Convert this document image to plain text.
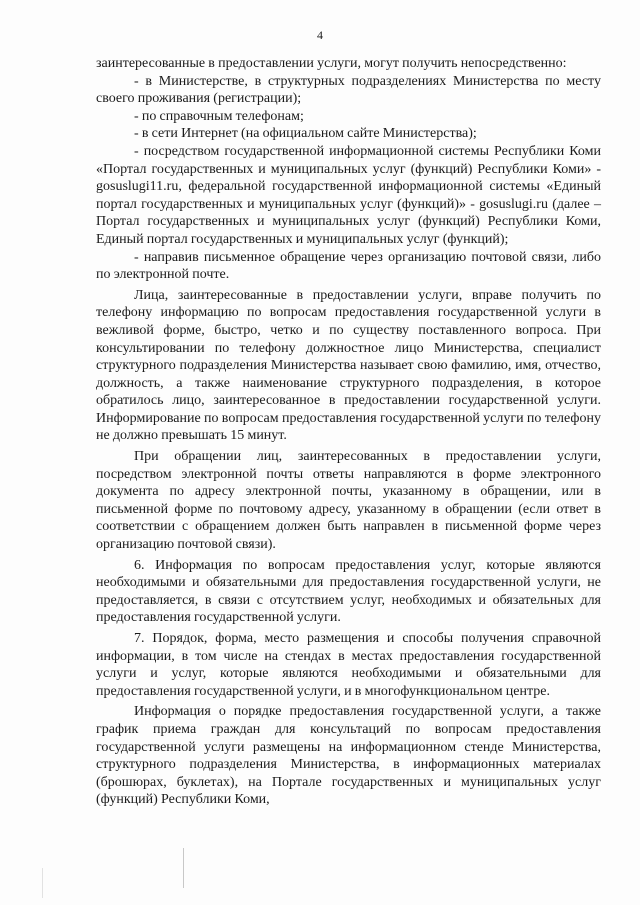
4

заинтересованные в предоставлении услуги, могут получить непосредственно:

- в Министерстве, в структурных подразделениях Министерства по месту своего проживания (регистрации);

- по справочным телефонам;

- в сети Интернет (на официальном сайте Министерства);

- посредством государственной информационной системы Республики Коми «Портал государственных и муниципальных услуг (функций) Республики Коми» - gosuslugi11.ru, федеральной государственной информационной системы «Единый портал государственных и муниципальных услуг (функций)» - gosuslugi.ru (далее – Портал государственных и муниципальных услуг (функций) Республики Коми, Единый портал государственных и муниципальных услуг (функций);

- направив письменное обращение через организацию почтовой связи, либо по электронной почте.

Лица, заинтересованные в предоставлении услуги, вправе получить по телефону информацию по вопросам предоставления государственной услуги в вежливой форме, быстро, четко и по существу поставленного вопроса. При консультировании по телефону должностное лицо Министерства, специалист структурного подразделения Министерства называет свою фамилию, имя, отчество, должность, а также наименование структурного подразделения, в которое обратилось лицо, заинтересованное в предоставлении государственной услуги. Информирование по вопросам предоставления государственной услуги по телефону не должно превышать 15 минут.

При обращении лиц, заинтересованных в предоставлении услуги, посредством электронной почты ответы направляются в форме электронного документа по адресу электронной почты, указанному в обращении, или в письменной форме по почтовому адресу, указанному в обращении (если ответ в соответствии с обращением должен быть направлен в письменной форме через организацию почтовой связи).

6. Информация по вопросам предоставления услуг, которые являются необходимыми и обязательными для предоставления государственной услуги, не предоставляется, в связи с отсутствием услуг, необходимых и обязательных для предоставления государственной услуги.

7. Порядок, форма, место размещения и способы получения справочной информации, в том числе на стендах в местах предоставления государственной услуги и услуг, которые являются необходимыми и обязательными для предоставления государственной услуги, и в многофункциональном центре.

Информация о порядке предоставления государственной услуги, а также график приема граждан для консультаций по вопросам предоставления государственной услуги размещены на информационном стенде Министерства, структурного подразделения Министерства, в информационных материалах (брошюрах, буклетах), на Портале государственных и муниципальных услуг (функций) Республики Коми,
